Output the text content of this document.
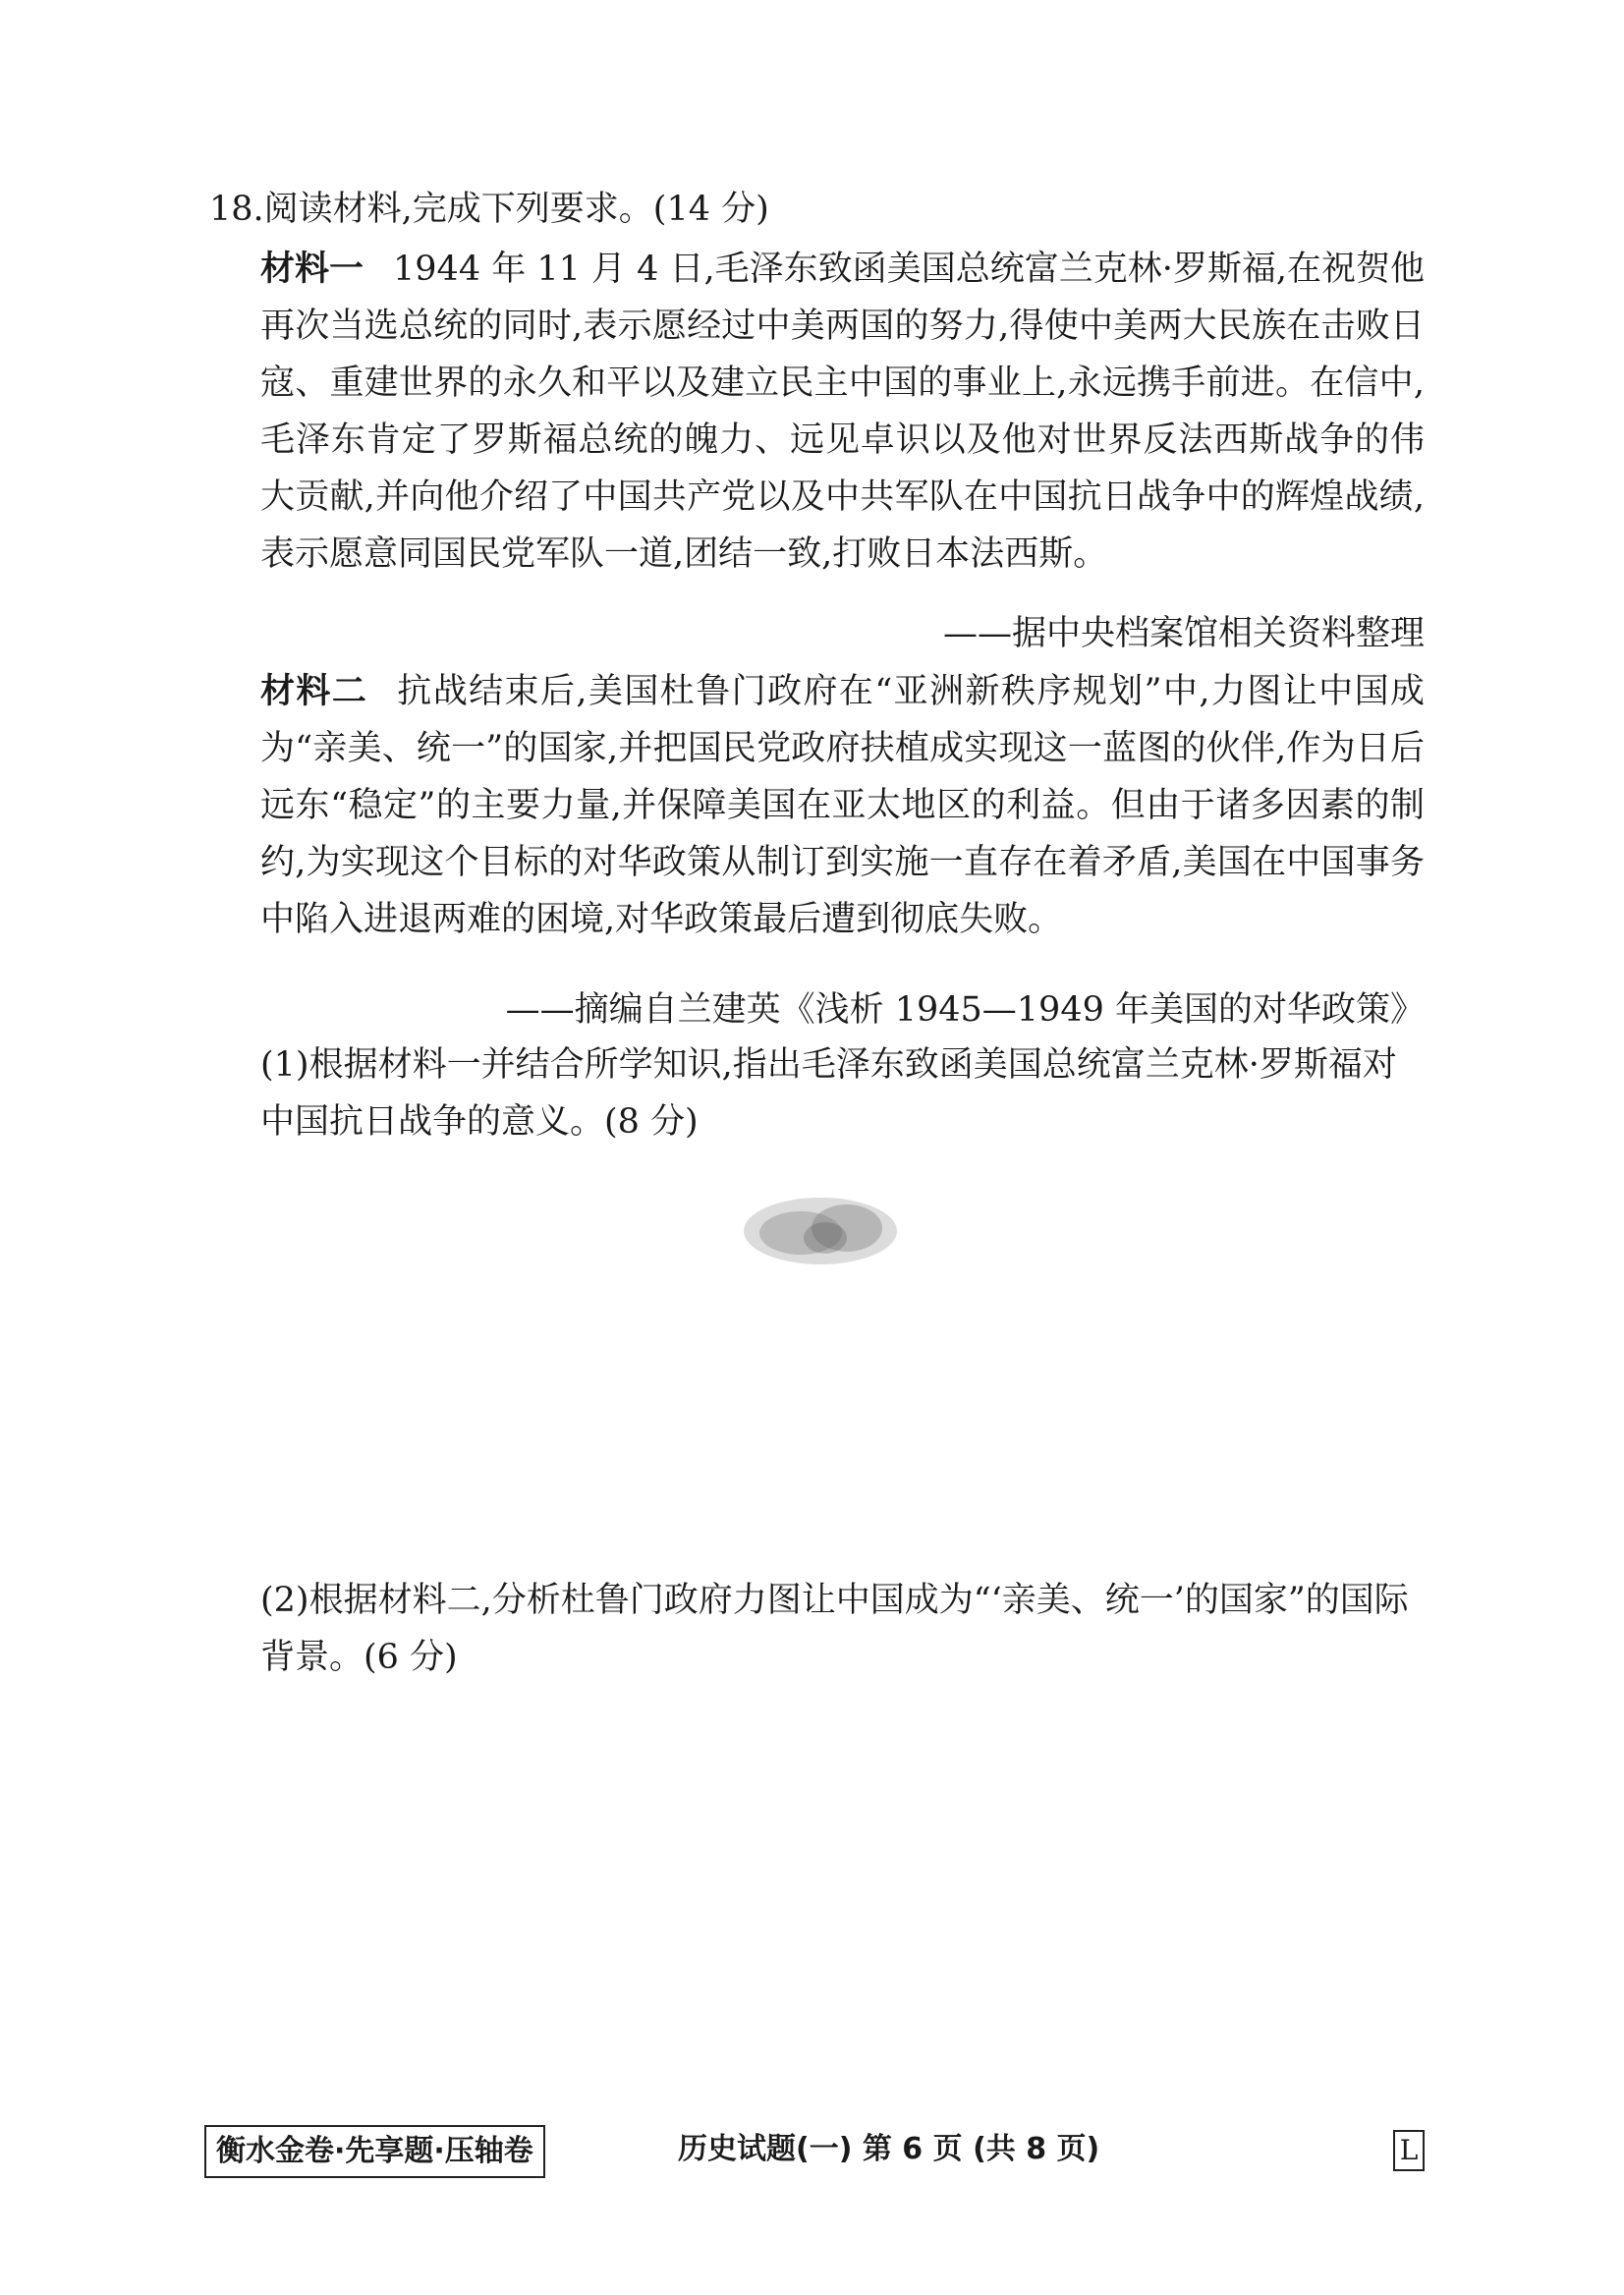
18.阅读材料,完成下列要求。(14 分)
材料一 1944 年 11 月 4 日,毛泽东致函美国总统富兰克林·罗斯福,在祝贺他再次当选总统的同时,表示愿经过中美两国的努力,得使中美两大民族在击败日寇、重建世界的永久和平以及建立民主中国的事业上,永远携手前进。在信中,毛泽东肯定了罗斯福总统的魄力、远见卓识以及他对世界反法西斯战争的伟大贡献,并向他介绍了中国共产党以及中共军队在中国抗日战争中的辉煌战绩,表示愿意同国民党军队一道,团结一致,打败日本法西斯。
——据中央档案馆相关资料整理
材料二 抗战结束后,美国杜鲁门政府在“亚洲新秩序规划”中,力图让中国成为“亲美、统一”的国家,并把国民党政府扶植成实现这一蓝图的伙伴,作为日后远东“稳定”的主要力量,并保障美国在亚太地区的利益。但由于诸多因素的制约,为实现这个目标的对华政策从制订到实施一直存在着矛盾,美国在中国事务中陷入进退两难的困境,对华政策最后遭到彻底失败。
——摘编自兰建英《浅析 1945—1949 年美国的对华政策》
(1)根据材料一并结合所学知识,指出毛泽东致函美国总统富兰克林·罗斯福对中国抗日战争的意义。(8 分)
(2)根据材料二,分析杜鲁门政府力图让中国成为“‘亲美、统一’的国家”的国际背景。(6 分)
衡水金卷·先享题·压轴卷	历史试题(一) 第 6 页 (共 8 页)	L
